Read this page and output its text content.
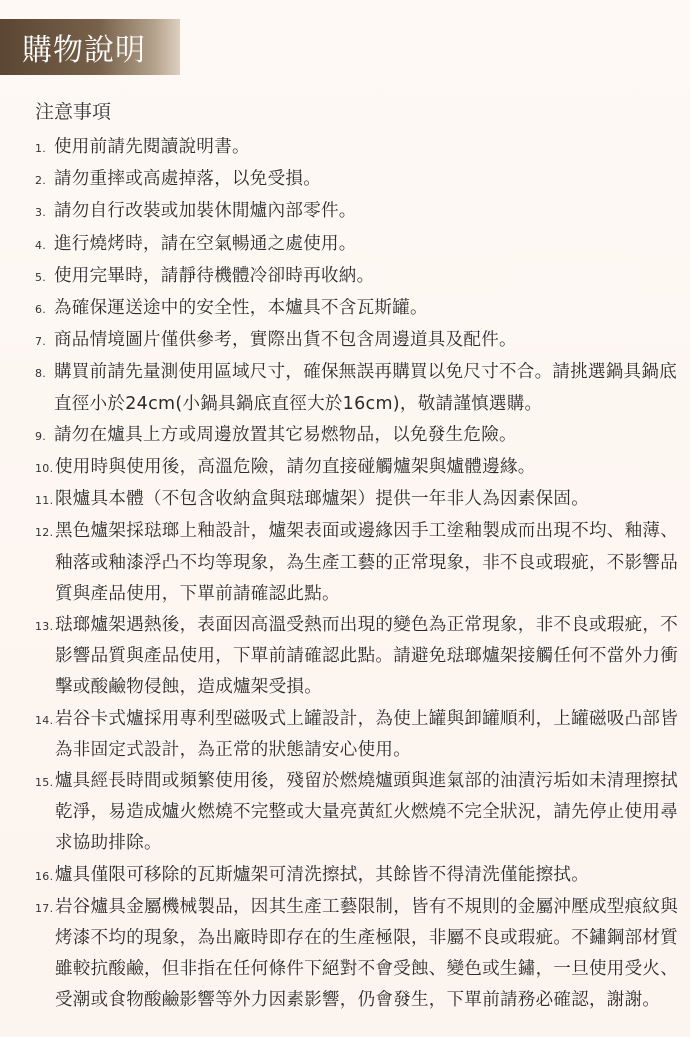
購物說明
注意事項
1. 使用前請先閱讀說明書。
2. 請勿重摔或高處掉落，以免受損。
3. 請勿自行改裝或加裝休閒爐內部零件。
4. 進行燒烤時，請在空氣暢通之處使用。
5. 使用完畢時，請靜待機體冷卻時再收納。
6. 為確保運送途中的安全性，本爐具不含瓦斯罐。
7. 商品情境圖片僅供參考，實際出貨不包含周邊道具及配件。
8. 購買前請先量測使用區域尺寸，確保無誤再購買以免尺寸不合。請挑選鍋具鍋底直徑小於24cm(小鍋具鍋底直徑大於16cm)，敬請謹慎選購。
9. 請勿在爐具上方或周邊放置其它易燃物品，以免發生危險。
10. 使用時與使用後，高溫危險，請勿直接碰觸爐架與爐體邊緣。
11. 限爐具本體（不包含收納盒與琺瑯爐架）提供一年非人為因素保固。
12. 黑色爐架採琺瑯上釉設計，爐架表面或邊緣因手工塗釉製成而出現不均、釉薄、釉落或釉漆浮凸不均等現象，為生產工藝的正常現象，非不良或瑕疵，不影響品質與產品使用，下單前請確認此點。
13. 琺瑯爐架遇熱後，表面因高溫受熱而出現的變色為正常現象，非不良或瑕疵，不影響品質與產品使用，下單前請確認此點。請避免琺瑯爐架接觸任何不當外力衝擊或酸鹼物侵蝕，造成爐架受損。
14. 岩谷卡式爐採用專利型磁吸式上罐設計，為使上罐與卸罐順利，上罐磁吸凸部皆為非固定式設計，為正常的狀態請安心使用。
15. 爐具經長時間或頻繁使用後，殘留於燃燒爐頭與進氣部的油漬污垢如未清理擦拭乾淨，易造成爐火燃燒不完整或大量亮黃紅火燃燒不完全狀況，請先停止使用尋求協助排除。
16. 爐具僅限可移除的瓦斯爐架可清洗擦拭，其餘皆不得清洗僅能擦拭。
17. 岩谷爐具金屬機械製品，因其生產工藝限制，皆有不規則的金屬沖壓成型痕紋與烤漆不均的現象，為出廠時即存在的生產極限，非屬不良或瑕疵。不鏽鋼部材質雖較抗酸鹼，但非指在任何條件下絕對不會受蝕、變色或生鏽，一旦使用受火、受潮或食物酸鹼影響等外力因素影響，仍會發生，下單前請務必確認，謝謝。
